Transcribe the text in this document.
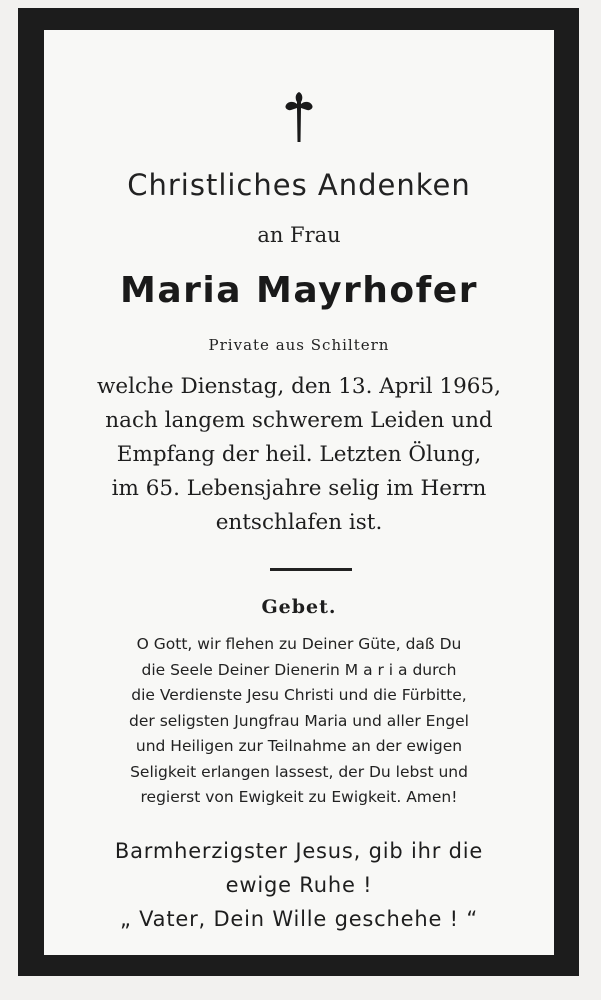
Christliches Andenken
an Frau
Maria Mayrhofer
Private aus Schiltern
welche Dienstag, den 13. April 1965,
nach langem schwerem Leiden und
Empfang der heil. Letzten Ölung,
im 65. Lebensjahre selig im Herrn
entschlafen ist.
Gebet.
O Gott, wir flehen zu Deiner Güte, daß Du
die Seele Deiner Dienerin M a r i a durch
die Verdienste Jesu Christi und die Fürbitte,
der seligsten Jungfrau Maria und aller Engel
und Heiligen zur Teilnahme an der ewigen
Seligkeit erlangen lassest, der Du lebst und
regierst von Ewigkeit zu Ewigkeit. Amen!
Barmherzigster Jesus, gib ihr die
ewige Ruhe !
„ Vater, Dein Wille geschehe ! “
